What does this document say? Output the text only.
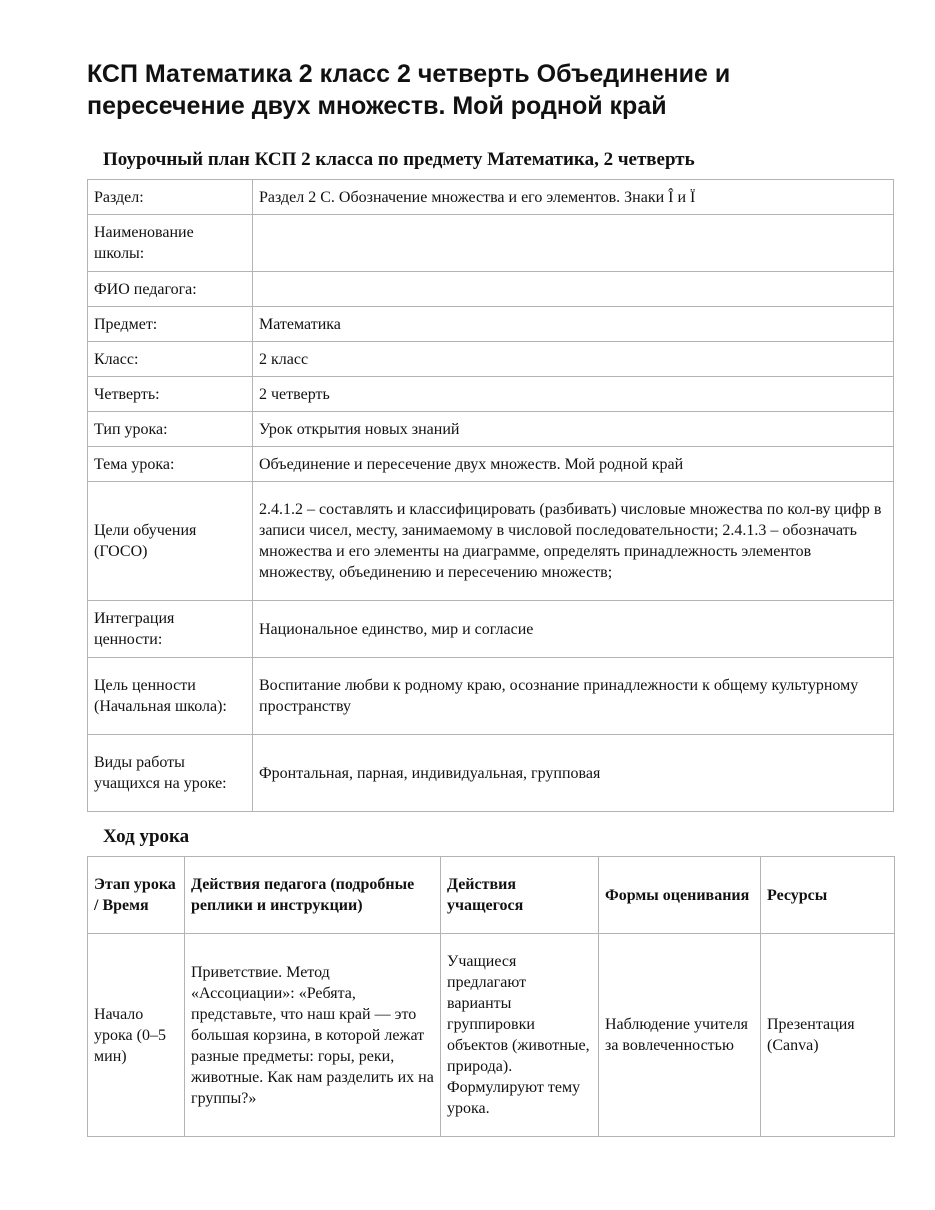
КСП Математика 2 класс 2 четверть Объединение и пересечение двух множеств. Мой родной край
Поурочный план КСП 2 класса по предмету Математика, 2 четверть
Раздел:	Раздел 2 С. Обозначение множества и его элементов. Знаки Î и Ï
Наименование школы:	
ФИО педагога:	
Предмет:	Математика
Класс:	2 класс
Четверть:	2 четверть
Тип урока:	Урок открытия новых знаний
Тема урока:	Объединение и пересечение двух множеств. Мой родной край
Цели обучения (ГОСО)	2.4.1.2 – составлять и классифицировать (разбивать) числовые множества по кол-ву цифр в записи чисел, месту, занимаемому в числовой последовательности; 2.4.1.3 – обозначать множества и его элементы на диаграмме, определять принадлежность элементов множеству, объединению и пересечению множеств;
Интеграция ценности:	Национальное единство, мир и согласие
Цель ценности (Начальная школа):	Воспитание любви к родному краю, осознание принадлежности к общему культурному пространству
Виды работы учащихся на уроке:	Фронтальная, парная, индивидуальная, групповая
Ход урока
Этап урока / Время	Действия педагога (подробные реплики и инструкции)	Действия учащегося	Формы оценивания	Ресурсы
Начало урока (0–5 мин)	Приветствие. Метод «Ассоциации»: «Ребята, представьте, что наш край — это большая корзина, в которой лежат разные предметы: горы, реки, животные. Как нам разделить их на группы?»	Учащиеся предлагают варианты группировки объектов (животные, природа). Формулируют тему урока.	Наблюдение учителя за вовлеченностью	Презентация (Canva)
